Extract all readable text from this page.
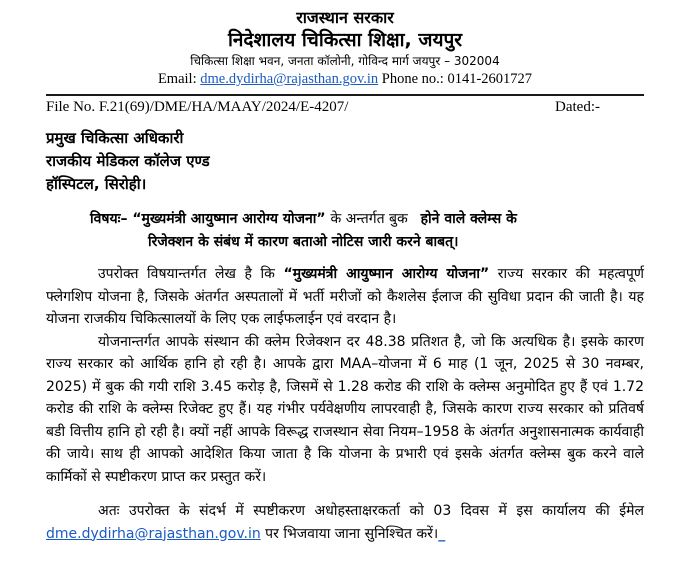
राजस्थान सरकार
निदेशालय चिकित्सा शिक्षा, जयपुर
चिकित्सा शिक्षा भवन, जनता कॉलोनी, गोविन्द मार्ग जयपुर – 302004
Email: dme.dydirha@rajasthan.gov.in Phone no.: 0141-2601727
File No. F.21(69)/DME/HA/MAAY/2024/E-4207/	Dated:-
प्रमुख चिकित्सा अधिकारी
राजकीय मेडिकल कॉलेज एण्ड
हॉस्पिटल, सिरोही।
विषयः– “मुख्यमंत्री आयुष्मान आरोग्य योजना” के अन्तर्गत बुक होने वाले क्लेम्स के
रिजेक्शन के संबंध में कारण बताओ नोटिस जारी करने बाबत्।

उपरोक्त विषयान्तर्गत लेख है कि “मुख्यमंत्री आयुष्मान आरोग्य योजना” राज्य सरकार की महत्वपूर्ण फ्लेगशिप योजना है, जिसके अंतर्गत अस्पतालों में भर्ती मरीजों को कैशलेस ईलाज की सुविधा प्रदान की जाती है। यह योजना राजकीय चिकित्सालयों के लिए एक लाईफलाईन एवं वरदान है।

योजनान्तर्गत आपके संस्थान की क्लेम रिजेक्शन दर 48.38 प्रतिशत है, जो कि अत्यधिक है। इसके कारण राज्य सरकार को आर्थिक हानि हो रही है। आपके द्वारा MAA–योजना में 6 माह (1 जून, 2025 से 30 नवम्बर, 2025) में बुक की गयी राशि 3.45 करोड़ है, जिसमें से 1.28 करोड की राशि के क्लेम्स अनुमोदित हुए हैं एवं 1.72 करोड की राशि के क्लेम्स रिजेक्ट हुए हैं। यह गंभीर पर्यवेक्षणीय लापरवाही है, जिसके कारण राज्य सरकार को प्रतिवर्ष बडी वित्तीय हानि हो रही है। क्यों नहीं आपके विरूद्ध राजस्थान सेवा नियम–1958 के अंतर्गत अनुशासनात्मक कार्यवाही की जाये। साथ ही आपको आदेशित किया जाता है कि योजना के प्रभारी एवं इसके अंतर्गत क्लेम्स बुक करने वाले कार्मिकों से स्पष्टीकरण प्राप्त कर प्रस्तुत करें।

अतः उपरोक्त के संदर्भ में स्पष्टीकरण अधोहस्ताक्षरकर्ता को 03 दिवस में इस कार्यालय की ईमेल dme.dydirha@rajasthan.gov.in पर भिजवाया जाना सुनिश्चित करें।_
